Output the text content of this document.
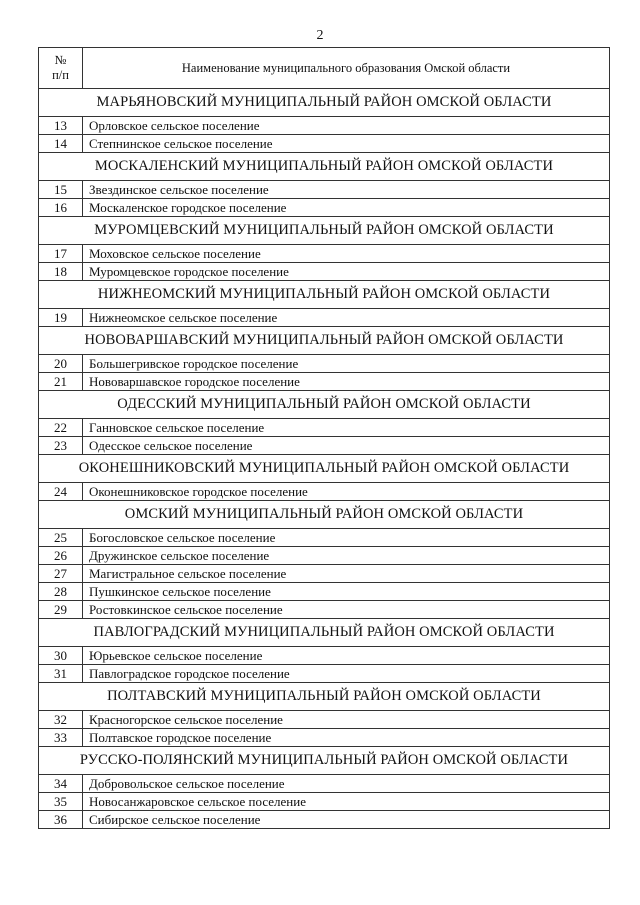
2
№
п/п	Наименование муниципального образования Омской области
МАРЬЯНОВСКИЙ МУНИЦИПАЛЬНЫЙ РАЙОН ОМСКОЙ ОБЛАСТИ	
13	Орловское сельское поселение
14	Степнинское сельское поселение
МОСКАЛЕНСКИЙ МУНИЦИПАЛЬНЫЙ РАЙОН ОМСКОЙ ОБЛАСТИ	
15	Звездинское сельское поселение
16	Москаленское городское поселение
МУРОМЦЕВСКИЙ МУНИЦИПАЛЬНЫЙ РАЙОН ОМСКОЙ ОБЛАСТИ	
17	Моховское сельское поселение
18	Муромцевское городское поселение
НИЖНЕОМСКИЙ МУНИЦИПАЛЬНЫЙ РАЙОН ОМСКОЙ ОБЛАСТИ	
19	Нижнеомское сельское поселение
НОВОВАРШАВСКИЙ МУНИЦИПАЛЬНЫЙ РАЙОН ОМСКОЙ ОБЛАСТИ	
20	Большегривское городское поселение
21	Нововаршавское городское поселение
ОДЕССКИЙ МУНИЦИПАЛЬНЫЙ РАЙОН ОМСКОЙ ОБЛАСТИ	
22	Ганновское сельское поселение
23	Одесское сельское поселение
ОКОНЕШНИКОВСКИЙ МУНИЦИПАЛЬНЫЙ РАЙОН ОМСКОЙ ОБЛАСТИ	
24	Оконешниковское городское поселение
ОМСКИЙ МУНИЦИПАЛЬНЫЙ РАЙОН ОМСКОЙ ОБЛАСТИ	
25	Богословское сельское поселение
26	Дружинское сельское поселение
27	Магистральное сельское поселение
28	Пушкинское сельское поселение
29	Ростовкинское сельское поселение
ПАВЛОГРАДСКИЙ МУНИЦИПАЛЬНЫЙ РАЙОН ОМСКОЙ ОБЛАСТИ	
30	Юрьевское сельское поселение
31	Павлоградское городское поселение
ПОЛТАВСКИЙ МУНИЦИПАЛЬНЫЙ РАЙОН ОМСКОЙ ОБЛАСТИ	
32	Красногорское сельское поселение
33	Полтавское городское поселение
РУССКО-ПОЛЯНСКИЙ МУНИЦИПАЛЬНЫЙ РАЙОН ОМСКОЙ ОБЛАСТИ	
34	Добровольское сельское поселение
35	Новосанжаровское сельское поселение
36	Сибирское сельское поселение
